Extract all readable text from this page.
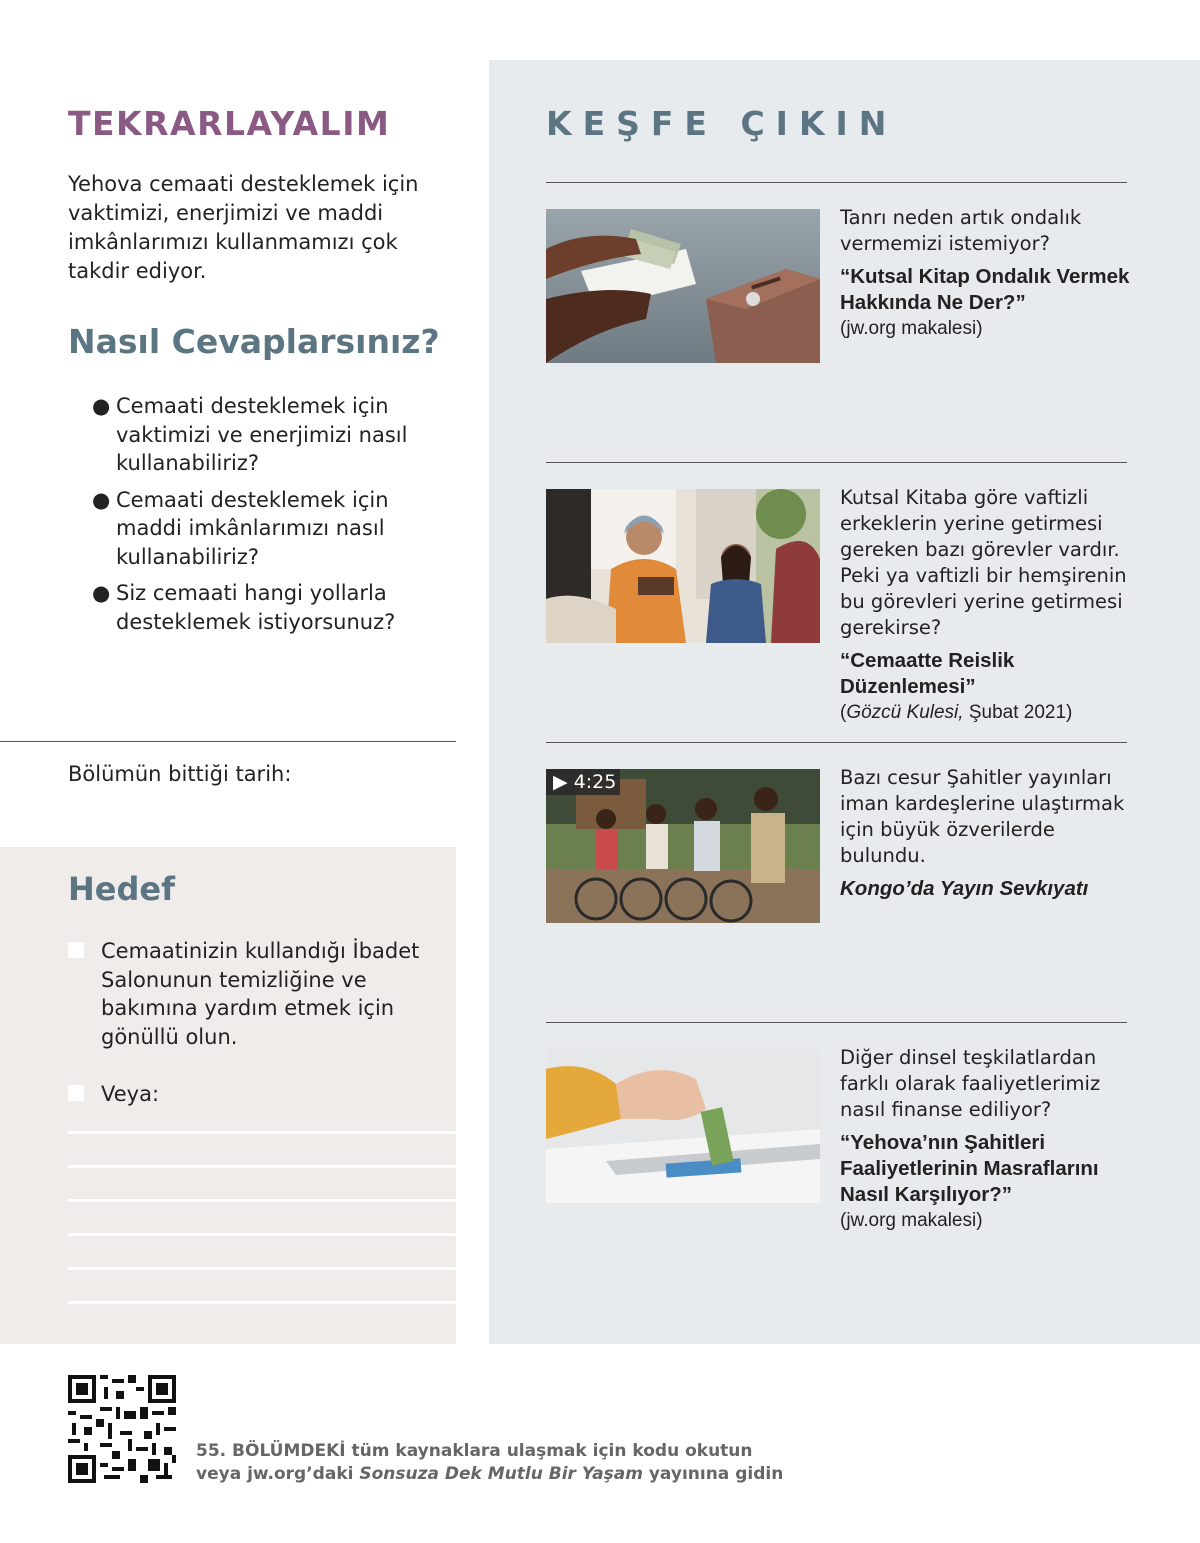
TEKRARLAYALIM
Yehova cemaati desteklemek için vaktimizi, enerjimizi ve maddi imkânlarımızı kullanmamızı çok takdir ediyor.
Nasıl Cevaplarsınız?
● Cemaati desteklemek için vaktimizi ve enerjimizi nasıl kullanabiliriz?
● Cemaati desteklemek için maddi imkânlarımızı nasıl kullanabiliriz?
● Siz cemaati hangi yollarla desteklemek istiyorsunuz?
Bölümün bittiği tarih:
Hedef
Cemaatinizin kullandığı İbadet Salonunun temizliğine ve bakımına yardım etmek için gönüllü olun.
Veya:
KEŞFE ÇIKIN

Tanrı neden artık ondalık vermemizi istemiyor?

“Kutsal Kitap Ondalık Vermek Hakkında Ne Der?”

(jw.org makalesi)

Kutsal Kitaba göre vaftizli erkeklerin yerine getirmesi gereken bazı görevler vardır. Peki ya vaftizli bir hemşirenin bu görevleri yerine getirmesi gerekirse?

“Cemaatte Reislik Düzenlemesi”

(Gözcü Kulesi, Şubat 2021)

▶ 4:25	Bazı cesur Şahitler yayınları iman kardeşlerine ulaştırmak için büyük özverilerde bulundu.

Kongo’da Yayın Sevkıyatı

Diğer dinsel teşkilatlardan farklı olarak faaliyetlerimiz nasıl finanse ediliyor?

“Yehova’nın Şahitleri Faaliyetlerinin Masraflarını Nasıl Karşılıyor?”

(jw.org makalesi)

55. BÖLÜMDEKİ tüm kaynaklara ulaşmak için kodu okutun
veya jw.org’daki Sonsuza Dek Mutlu Bir Yaşam yayınına gidin
